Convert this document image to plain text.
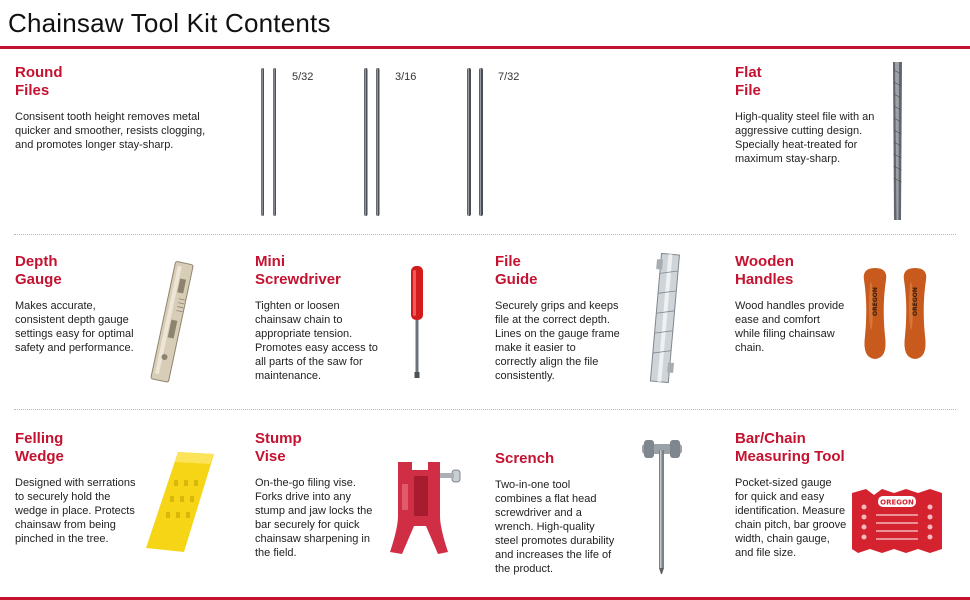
Chainsaw Tool Kit Contents
Round
Files

Consisent tooth height removes metal quicker and smoother, resists clogging, and promotes longer stay-sharp.

5/32	3/16	7/32	Flat
File

High-quality steel file with an aggressive cutting design. Specially heat-treated for maximum stay-sharp.

Depth
Gauge

Makes accurate, consistent depth gauge settings easy for optimal safety and performance.

Mini
Screwdriver

Tighten or loosen chainsaw chain to appropriate tension. Promotes easy access to all parts of the saw for maintenance.

File
Guide

Securely grips and keeps file at the correct depth. Lines on the gauge frame make it easier to correctly align the file consistently.

Wooden
Handles

Wood handles provide ease and comfort while filing chainsaw chain.

OREGON	OREGON
Felling
Wedge

Designed with serrations to securely hold the wedge in place. Protects chainsaw from being pinched in the tree.

Stump
Vise

On-the-go filing vise. Forks drive into any stump and jaw locks the bar securely for quick chainsaw sharpening in the field.

Scrench

Two-in-one tool combines a flat head screwdriver and a wrench. High-quality steel promotes durability and increases the life of the product.

Bar/Chain
Measuring Tool

Pocket-sized gauge for quick and easy identification. Measure chain pitch, bar groove width, chain gauge, and file size.

OREGON
